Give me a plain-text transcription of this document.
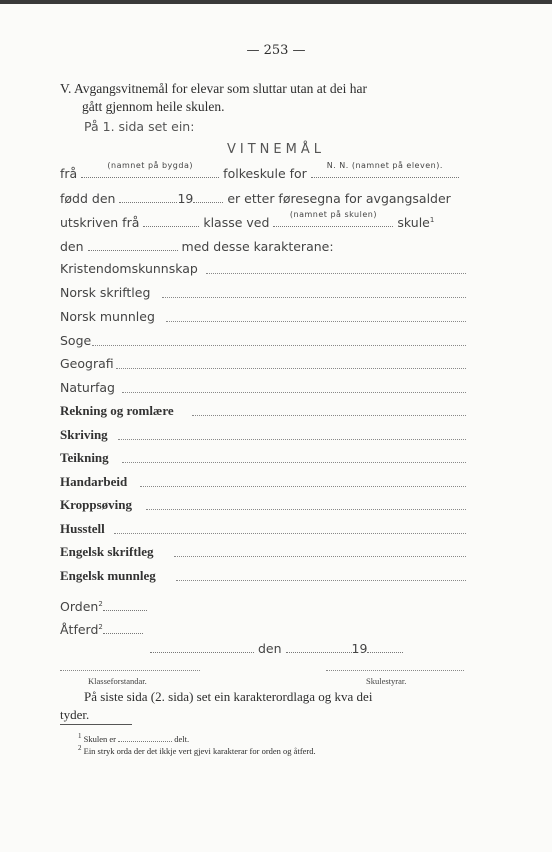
— 253 —
V. Avgangsvitnemål for elevar som sluttar utan at dei har
gått gjennom heile skulen.
På 1. sida set ein:
VITNEMÅL
frå
(namnet på bygda)
folkeskule for
N. N. (namnet på eleven).
fødd den	19	er etter føresegna for avgangsalder
utskriven frå	klasse ved
(namnet på skulen)
skule$^1$
den	med desse karakterane:
Kristendomskunnskap
Norsk skriftleg
Norsk munnleg
Soge
Geografi
Naturfag
Rekning og romlære
Skriving
Teikning
Handarbeid
Kroppsøving
Husstell
Engelsk skriftleg
Engelsk munnleg
Orden$^2$
Åtferd$^2$
den	19
Klasseforstandar.	Skulestyrar.
På siste sida (2. sida) set ein karakterordlaga og kva dei
tyder.
$^1$ Skulen er	delt.
$^2$ Ein stryk orda der det ikkje vert gjevi karakterar for orden og åtferd.
